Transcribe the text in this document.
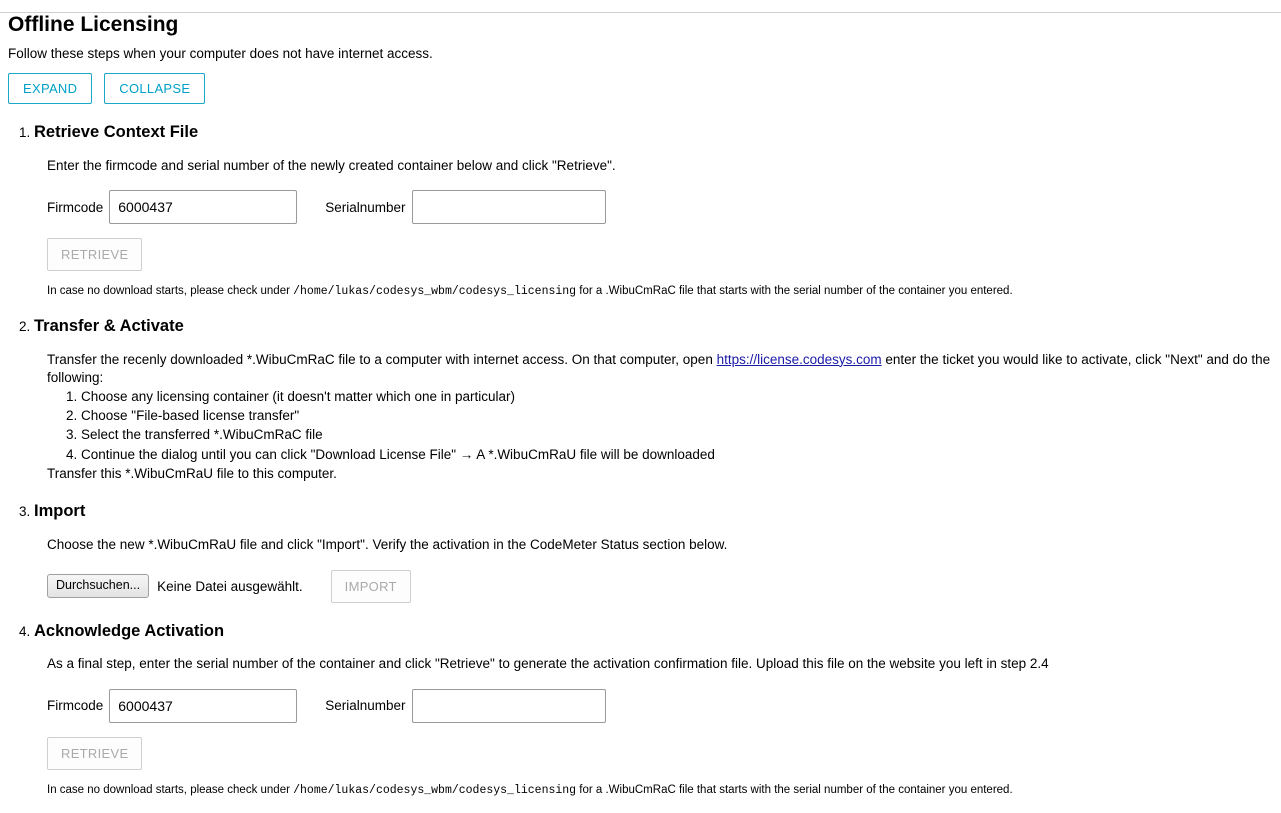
Offline Licensing

Follow these steps when your computer does not have internet access.

EXPAND	COLLAPSE
1. Retrieve Context File

Enter the firmcode and serial number of the newly created container below and click "Retrieve".

Firmcode
6000437	Serialnumber
RETRIEVE

In case no download starts, please check under /home/lukas/codesys_wbm/codesys_licensing for a .WibuCmRaC file that starts with the serial number of the container you entered.

2. Transfer & Activate

Transfer the recenly downloaded *.WibuCmRaC file to a computer with internet access. On that computer, open https://license.codesys.com enter the ticket you would like to activate, click "Next" and do the following:

1. Choose any licensing container (it doesn't matter which one in particular)
2. Choose "File-based license transfer"
3. Select the transferred *.WibuCmRaC file
4. Continue the dialog until you can click "Download License File" → A *.WibuCmRaU file will be downloaded

Transfer this *.WibuCmRaU file to this computer.

3. Import

Choose the new *.WibuCmRaU file and click "Import". Verify the activation in the CodeMeter Status section below.

Durchsuchen...	Keine Datei ausgewählt.	IMPORT
4. Acknowledge Activation

As a final step, enter the serial number of the container and click "Retrieve" to generate the activation confirmation file. Upload this file on the website you left in step 2.4

Firmcode
6000437	Serialnumber
RETRIEVE

In case no download starts, please check under /home/lukas/codesys_wbm/codesys_licensing for a .WibuCmRaC file that starts with the serial number of the container you entered.
